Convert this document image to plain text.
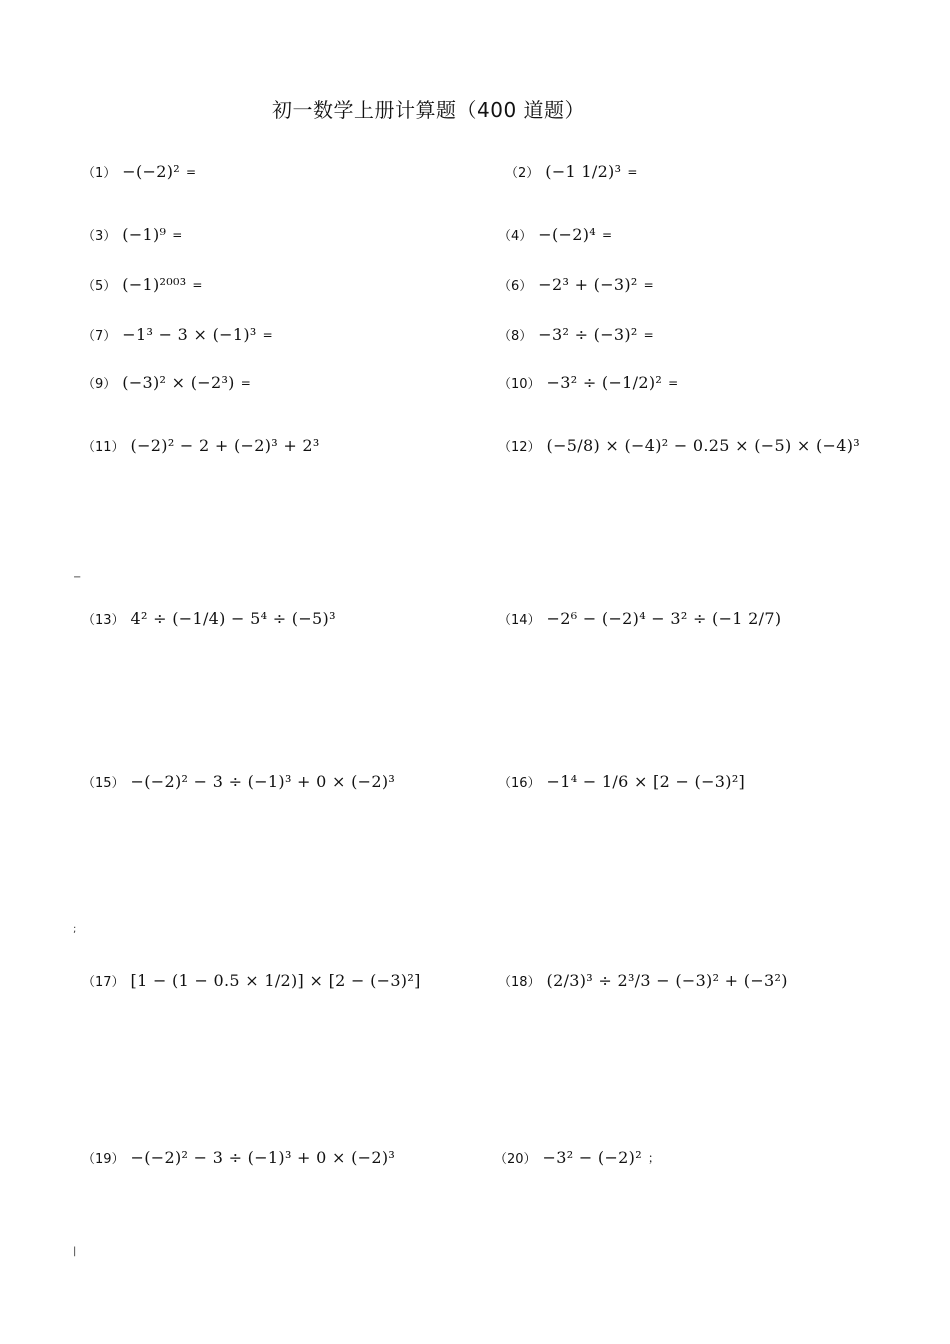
初一数学上册计算题（400 道题）
（1） −(−2)² =	（2） (−1 1/2)³ =
（3） (−1)⁹ =	（4） −(−2)⁴ =
（5） (−1)²⁰⁰³ =	（6） −2³ + (−3)² =
（7） −1³ − 3 × (−1)³ =	（8） −3² ÷ (−3)² =
（9） (−3)² × (−2³) =	（10） −3² ÷ (−1/2)² =
（11） (−2)² − 2 + (−2)³ + 2³	（12） (−5/8) × (−4)² − 0.25 × (−5) × (−4)³
−
（13） 4² ÷ (−1/4) − 5⁴ ÷ (−5)³	（14） −2⁶ − (−2)⁴ − 3² ÷ (−1 2/7)
（15） −(−2)² − 3 ÷ (−1)³ + 0 × (−2)³	（16） −1⁴ − 1/6 × [2 − (−3)²]
;
（17） [1 − (1 − 0.5 × 1/2)] × [2 − (−3)²]	（18） (2/3)³ ÷ 2³/3 − (−3)² + (−3²)
（19） −(−2)² − 3 ÷ (−1)³ + 0 × (−2)³	（20） −3² − (−2)² ；
|
